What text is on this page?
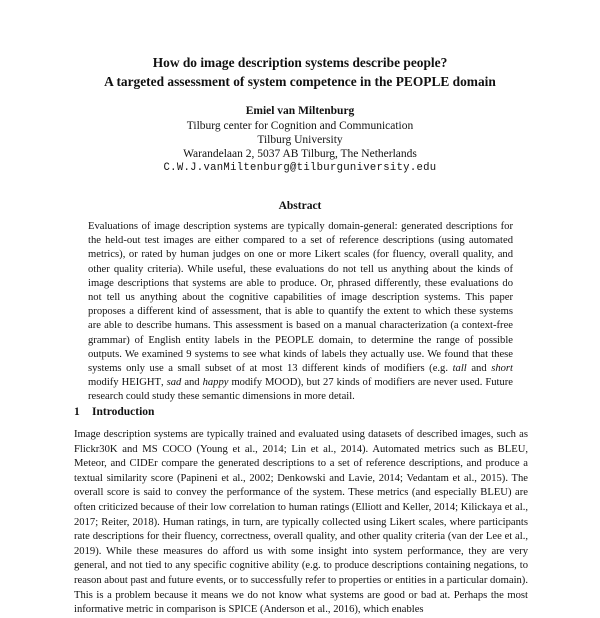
How do image description systems describe people?
A targeted assessment of system competence in the PEOPLE domain
Emiel van Miltenburg
Tilburg center for Cognition and Communication
Tilburg University
Warandelaan 2, 5037 AB Tilburg, The Netherlands
C.W.J.vanMiltenburg@tilburguniversity.edu
Abstract

Evaluations of image description systems are typically domain-general: generated descriptions for the held-out test images are either compared to a set of reference descriptions (using automated metrics), or rated by human judges on one or more Likert scales (for fluency, overall quality, and other quality criteria). While useful, these evaluations do not tell us anything about the kinds of image descriptions that systems are able to produce. Or, phrased differently, these evaluations do not tell us anything about the cognitive capabilities of image description systems. This paper proposes a different kind of assessment, that is able to quantify the extent to which these systems are able to describe humans. This assessment is based on a manual characterization (a context-free grammar) of English entity labels in the PEOPLE domain, to determine the range of possible outputs. We examined 9 systems to see what kinds of labels they actually use. We found that these systems only use a small subset of at most 13 different kinds of modifiers (e.g. tall and short modify HEIGHT, sad and happy modify MOOD), but 27 kinds of modifiers are never used. Future research could study these semantic dimensions in more detail.

1 Introduction

Image description systems are typically trained and evaluated using datasets of described images, such as Flickr30K and MS COCO (Young et al., 2014; Lin et al., 2014). Automated metrics such as BLEU, Meteor, and CIDEr compare the generated descriptions to a set of reference descriptions, and produce a textual similarity score (Papineni et al., 2002; Denkowski and Lavie, 2014; Vedantam et al., 2015). The overall score is said to convey the performance of the system. These metrics (and especially BLEU) are often criticized because of their low correlation to human ratings (Elliott and Keller, 2014; Kilickaya et al., 2017; Reiter, 2018). Human ratings, in turn, are typically collected using Likert scales, where participants rate descriptions for their fluency, correctness, overall quality, and other quality criteria (van der Lee et al., 2019). While these measures do afford us with some insight into system performance, they are very general, and not tied to any specific cognitive ability (e.g. to produce descriptions containing negations, to reason about past and future events, or to successfully refer to properties or entities in a particular domain). This is a problem because it means we do not know what systems are good or bad at. Perhaps the most informative metric in comparison is SPICE (Anderson et al., 2016), which enables
